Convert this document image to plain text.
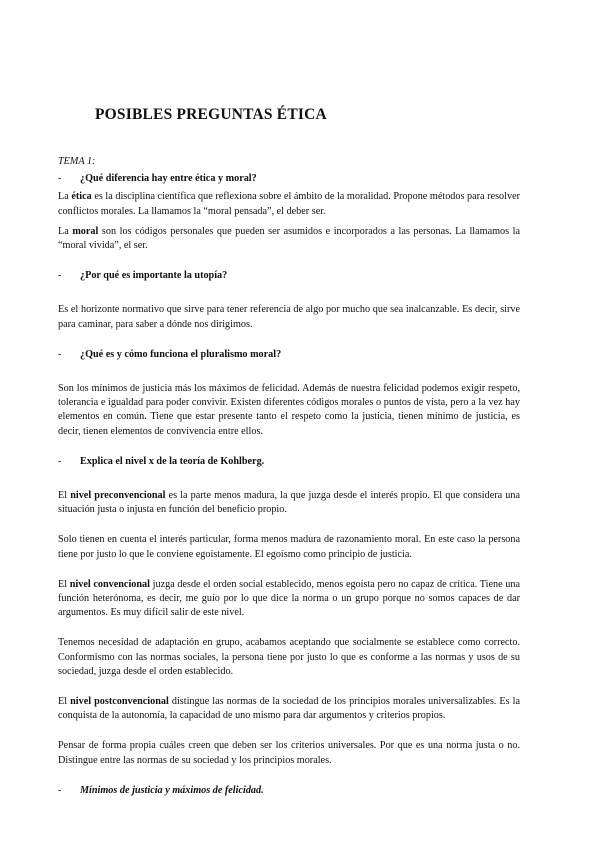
POSIBLES PREGUNTAS ÉTICA

TEMA 1:

-	¿Qué diferencia hay entre ética y moral?

La ética es la disciplina científica que reflexiona sobre el ámbito de la moralidad. Propone métodos para resolver conflictos morales. La llamamos la “moral pensada”, el deber ser.

La moral son los códigos personales que pueden ser asumidos e incorporados a las personas. La llamamos la “moral vivida”, el ser.

-	¿Por qué es importante la utopía?

Es el horizonte normativo que sirve para tener referencia de algo por mucho que sea inalcanzable. Es decir, sirve para caminar, para saber a dónde nos dirigimos.

-	¿Qué es y cómo funciona el pluralismo moral?

Son los mínimos de justicia más los máximos de felicidad. Además de nuestra felicidad podemos exigir respeto, tolerancia e igualdad para poder convivir. Existen diferentes códigos morales o puntos de vista, pero a la vez hay elementos en común. Tiene que estar presente tanto el respeto como la justicia, tienen mínimo de justicia, es decir, tienen elementos de convivencia entre ellos.

-	Explica el nivel x de la teoría de Kohlberg.

El nivel preconvencional es la parte menos madura, la que juzga desde el interés propio. El que considera una situación justa o injusta en función del beneficio propio.

Solo tienen en cuenta el interés particular, forma menos madura de razonamiento moral. En este caso la persona tiene por justo lo que le conviene egoístamente. El egoísmo como principio de justicia.

El nivel convencional juzga desde el orden social establecido, menos egoísta pero no capaz de crítica. Tiene una función heterónoma, es decir, me guío por lo que dice la norma o un grupo porque no somos capaces de dar argumentos. Es muy difícil salir de este nivel.

Tenemos necesidad de adaptación en grupo, acabamos aceptando que socialmente se establece como correcto. Conformismo con las normas sociales, la persona tiene por justo lo que es conforme a las normas y usos de su sociedad, juzga desde el orden establecido.

El nivel postconvencional distingue las normas de la sociedad de los principios morales universalizables. Es la conquista de la autonomía, la capacidad de uno mismo para dar argumentos y criterios propios.

Pensar de forma propia cuáles creen que deben ser los criterios universales. Por que es una norma justa o no. Distingue entre las normas de su sociedad y los principios morales.

-	Mínimos de justicia y máximos de felicidad.
